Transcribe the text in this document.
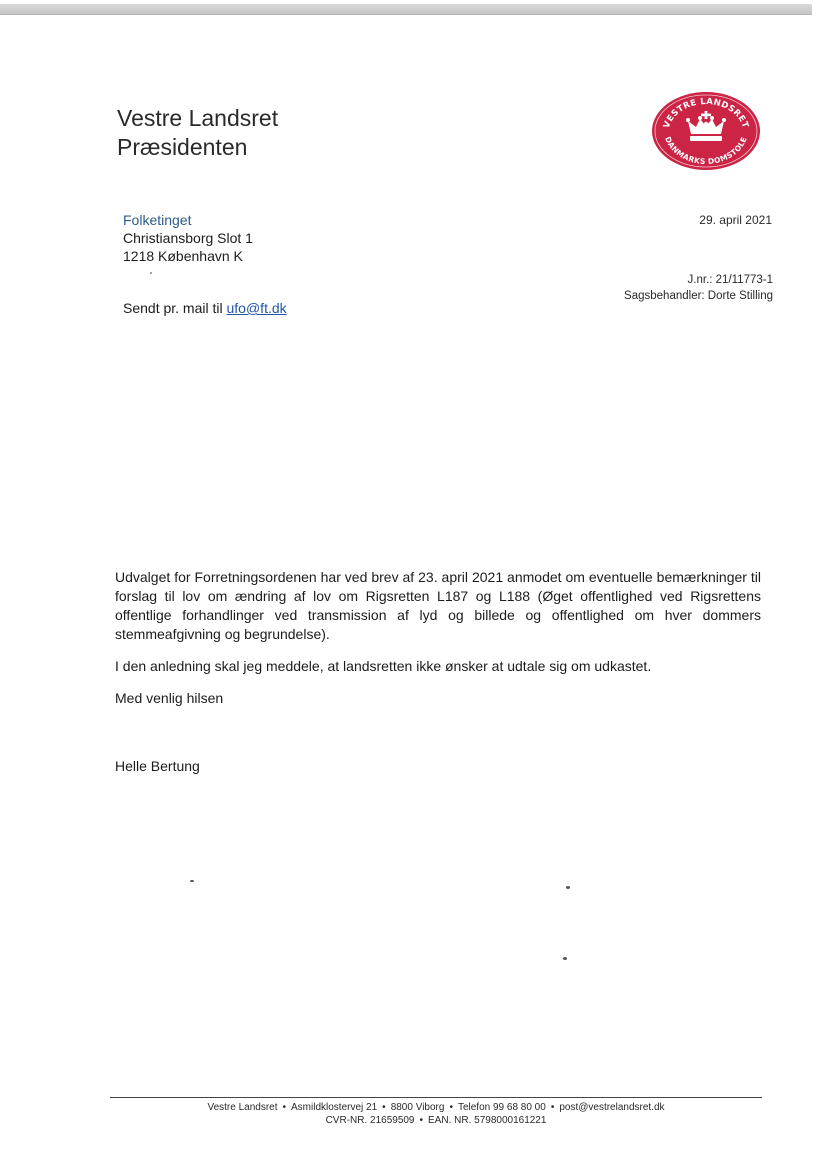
Vestre Landsret
Præsidenten
VESTRE LANDSRET
DANMARKS DOMSTOLE
Folketinget
Christiansborg Slot 1
1218 København K
29. april 2021
J.nr.: 21/11773-1
Sagsbehandler: Dorte Stilling
Sendt pr. mail til ufo@ft.dk

Udvalget for Forretningsordenen har ved brev af 23. april 2021 anmodet om eventuelle bemærkninger til forslag til lov om ændring af lov om Rigsretten L187 og L188 (Øget offentlighed ved Rigsrettens offentlige forhandlinger ved transmission af lyd og billede og offentlighed om hver dommers stemmeafgivning og begrundelse).

I den anledning skal jeg meddele, at landsretten ikke ønsker at udtale sig om udkastet.

Med venlig hilsen

Helle Bertung
Vestre Landsret • Asmildklostervej 21 • 8800 Viborg • Telefon 99 68 80 00 • post@vestrelandsret.dk
CVR-NR. 21659509 • EAN. NR. 5798000161221
